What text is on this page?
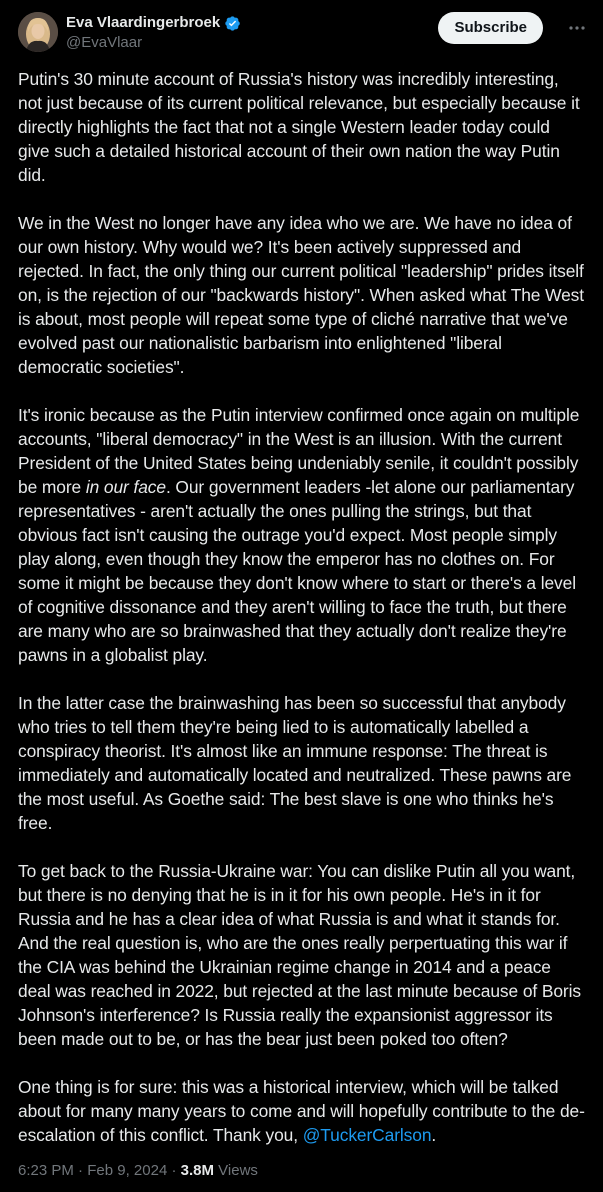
Eva Vlaardingerbroek
@EvaVlaar
Subscribe

Putin's 30 minute account of Russia's history was incredibly interesting, not just because of its current political relevance, but especially because it directly highlights the fact that not a single Western leader today could give such a detailed historical account of their own nation the way Putin did.

We in the West no longer have any idea who we are. We have no idea of our own history. Why would we? It's been actively suppressed and rejected. In fact, the only thing our current political "leadership" prides itself on, is the rejection of our "backwards history". When asked what The West is about, most people will repeat some type of cliché narrative that we've evolved past our nationalistic barbarism into enlightened "liberal democratic societies".

It's ironic because as the Putin interview confirmed once again on multiple accounts, "liberal democracy" in the West is an illusion. With the current President of the United States being undeniably senile, it couldn't possibly be more in our face. Our government leaders -let alone our parliamentary representatives - aren't actually the ones pulling the strings, but that obvious fact isn't causing the outrage you'd expect. Most people simply play along, even though they know the emperor has no clothes on. For some it might be because they don't know where to start or there's a level of cognitive dissonance and they aren't willing to face the truth, but there are many who are so brainwashed that they actually don't realize they're pawns in a globalist play.

In the latter case the brainwashing has been so successful that anybody who tries to tell them they're being lied to is automatically labelled a conspiracy theorist. It's almost like an immune response: The threat is immediately and automatically located and neutralized. These pawns are the most useful. As Goethe said: The best slave is one who thinks he's free.

To get back to the Russia-Ukraine war: You can dislike Putin all you want, but there is no denying that he is in it for his own people. He's in it for Russia and he has a clear idea of what Russia is and what it stands for. And the real question is, who are the ones really perpertuating this war if the CIA was behind the Ukrainian regime change in 2014 and a peace deal was reached in 2022, but rejected at the last minute because of Boris Johnson's interference? Is Russia really the expansionist aggressor its been made out to be, or has the bear just been poked too often?

One thing is for sure: this was a historical interview, which will be talked about for many many years to come and will hopefully contribute to the de-escalation of this conflict. Thank you, @TuckerCarlson.

6:23 PM · Feb 9, 2024 · 3.8M Views
